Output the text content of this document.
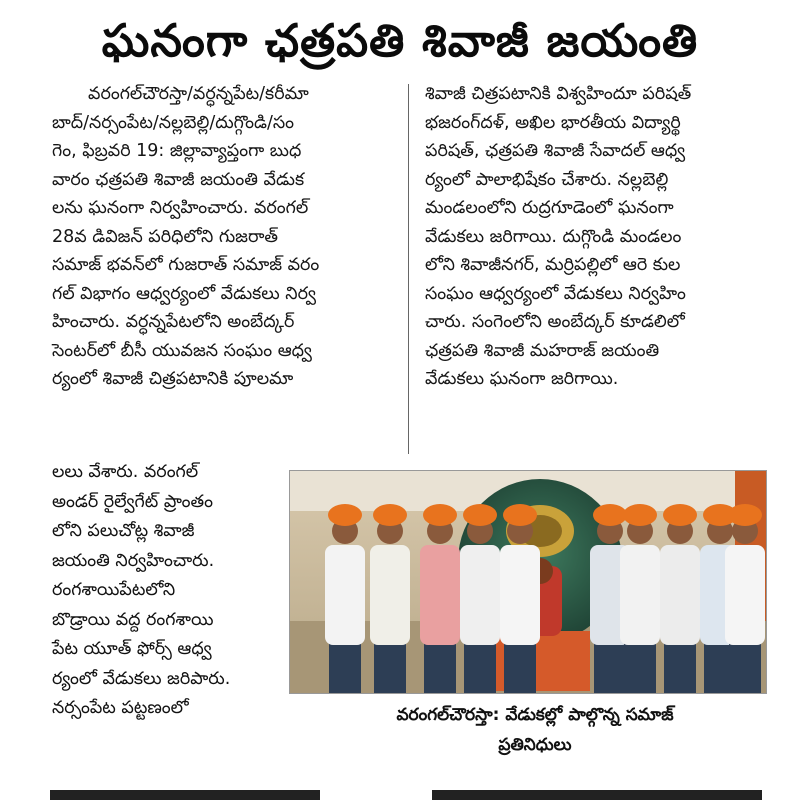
ఘనంగా ఛత్రపతి శివాజీ జయంతి

వరంగల్‌చౌరస్తా/వర్ధన్నపేట/కరీమా

బాద్/నర్సంపేట/నల్లబెల్లి/దుగ్గొండి/సం

గెం, ఫిబ్రవరి 19: జిల్లావ్యాప్తంగా బుధ

వారం ఛత్రపతి శివాజీ జయంతి వేడుక

లను ఘనంగా నిర్వహించారు. వరంగల్

28వ డివిజన్ పరిధిలోని గుజరాత్

సమాజ్ భవన్‌లో గుజరాత్ సమాజ్ వరం

గల్ విభాగం ఆధ్వర్యంలో వేడుకలు నిర్వ

హించారు. వర్ధన్నపేటలోని అంబేద్కర్

సెంటర్‌లో బీసీ యువజన సంఘం ఆధ్వ

ర్యంలో శివాజీ చిత్రపటానికి పూలమా

శివాజీ చిత్రపటానికి విశ్వహిందూ పరిషత్

భజరంగ్‌దళ్, అఖిల భారతీయ విద్యార్థి

పరిషత్, ఛత్రపతి శివాజీ సేవాదల్ ఆధ్వ

ర్యంలో పాలాభిషేకం చేశారు. నల్లబెల్లి

మండలంలోని రుద్రగూడెంలో ఘనంగా

వేడుకలు జరిగాయి. దుగ్గొండి మండలం

లోని శివాజీనగర్, మర్రిపల్లిలో ఆరె కుల

సంఘం ఆధ్వర్యంలో వేడుకలు నిర్వహిం

చారు. సంగెంలోని అంబేద్కర్ కూడలిలో

ఛత్రపతి శివాజీ మహరాజ్ జయంతి

వేడుకలు ఘనంగా జరిగాయి.

లలు వేశారు. వరంగల్

అండర్ రైల్వేగేట్ ప్రాంతం

లోని పలుచోట్ల శివాజీ

జయంతి నిర్వహించారు.

రంగశాయిపేటలోని

బొడ్రాయి వద్ద రంగశాయి

పేట యూత్ ఫోర్స్ ఆధ్వ

ర్యంలో వేడుకలు జరిపారు.

నర్సంపేట పట్టణంలో	వరంగల్‌చౌరస్తా: వేడుకల్లో పాల్గొన్న సమాజ్
ప్రతినిధులు
